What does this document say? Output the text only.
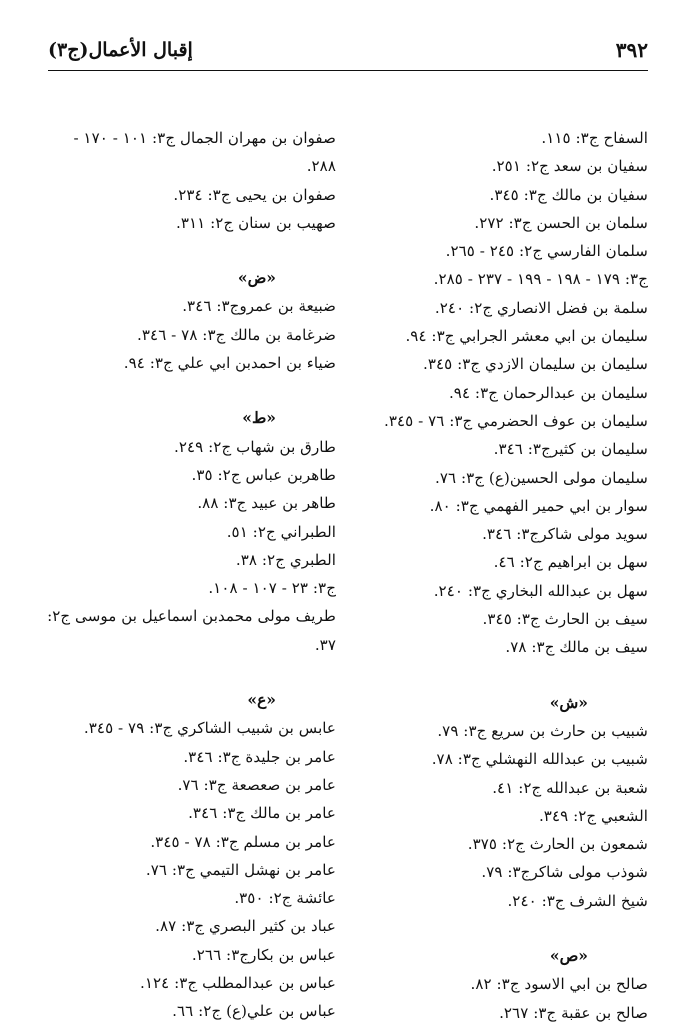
٣٩٢
إقبال الأعمال(ج٣)
السفاح ج٣: ١١٥.
سفيان بن سعد ج٢: ٢٥١.
سفيان بن مالك ج٣: ٣٤٥.
سلمان بن الحسن ج٣: ٢٧٢.
سلمان الفارسي ج٢: ٢٤٥ - ٢٦٥.
ج٣: ١٧٩ - ١٩٨ - ١٩٩ - ٢٣٧ - ٢٨٥.
سلمة بن فضل الانصاري ج٢: ٢٤٠.
سليمان بن ابي معشر الجرابي ج٣: ٩٤.
سليمان بن سليمان الازدي ج٣: ٣٤٥.
سليمان بن عبدالرحمان ج٣: ٩٤.
سليمان بن عوف الحضرمي ج٣: ٧٦ - ٣٤٥.
سليمان بن كثيرج٣: ٣٤٦.
سليمان مولى الحسين(ع) ج٣: ٧٦.
سوار بن ابي حمير الفهمي ج٣: ٨٠.
سويد مولى شاكرج٣: ٣٤٦.
سهل بن ابراهيم ج٢: ٤٦.
سهل بن عبدالله البخاري ج٣: ٢٤٠.
سيف بن الحارث ج٣: ٣٤٥.
سيف بن مالك ج٣: ٧٨.
«ش»
شبيب بن حارث بن سريع ج٣: ٧٩.
شبيب بن عبدالله النهشلي ج٣: ٧٨.
شعبة بن عبدالله ج٢: ٤١.
الشعبي ج٢: ٣٤٩.
شمعون بن الحارث ج٢: ٣٧٥.
شوذب مولى شاكرج٣: ٧٩.
شيخ الشرف ج٣: ٢٤٠.
«ص»
صالح بن ابي الاسود ج٣: ٨٢.
صالح بن عقبة ج٣: ٢٦٧.
صفوان بن مهران الجمال ج٣: ١٠١ - ١٧٠ - ٢٨٨.
صفوان بن يحيى ج٣: ٢٣٤.
صهيب بن سنان ج٢: ٣١١.
«ض»
ضبيعة بن عمروج٣: ٣٤٦.
ضرغامة بن مالك ج٣: ٧٨ - ٣٤٦.
ضياء بن احمدبن ابي علي ج٣: ٩٤.
«ط»
طارق بن شهاب ج٢: ٢٤٩.
طاهربن عباس ج٢: ٣٥.
طاهر بن عبيد ج٣: ٨٨.
الطبراني ج٢: ٥١.
الطبري ج٢: ٣٨.
ج٣: ٢٣ - ١٠٧ - ١٠٨.
طريف مولى محمدبن اسماعيل بن موسى ج٢: ٣٧.
«ع»
عابس بن شبيب الشاكري ج٣: ٧٩ - ٣٤٥.
عامر بن جليدة ج٣: ٣٤٦.
عامر بن صعصعة ج٣: ٧٦.
عامر بن مالك ج٣: ٣٤٦.
عامر بن مسلم ج٣: ٧٨ - ٣٤٥.
عامر بن نهشل التيمي ج٣: ٧٦.
عائشة ج٢: ٣٥٠.
عباد بن كثير البصري ج٣: ٨٧.
عباس بن بكارج٣: ٢٦٦.
عباس بن عبدالمطلب ج٣: ١٢٤.
عباس بن علي(ع) ج٢: ٦٦.
